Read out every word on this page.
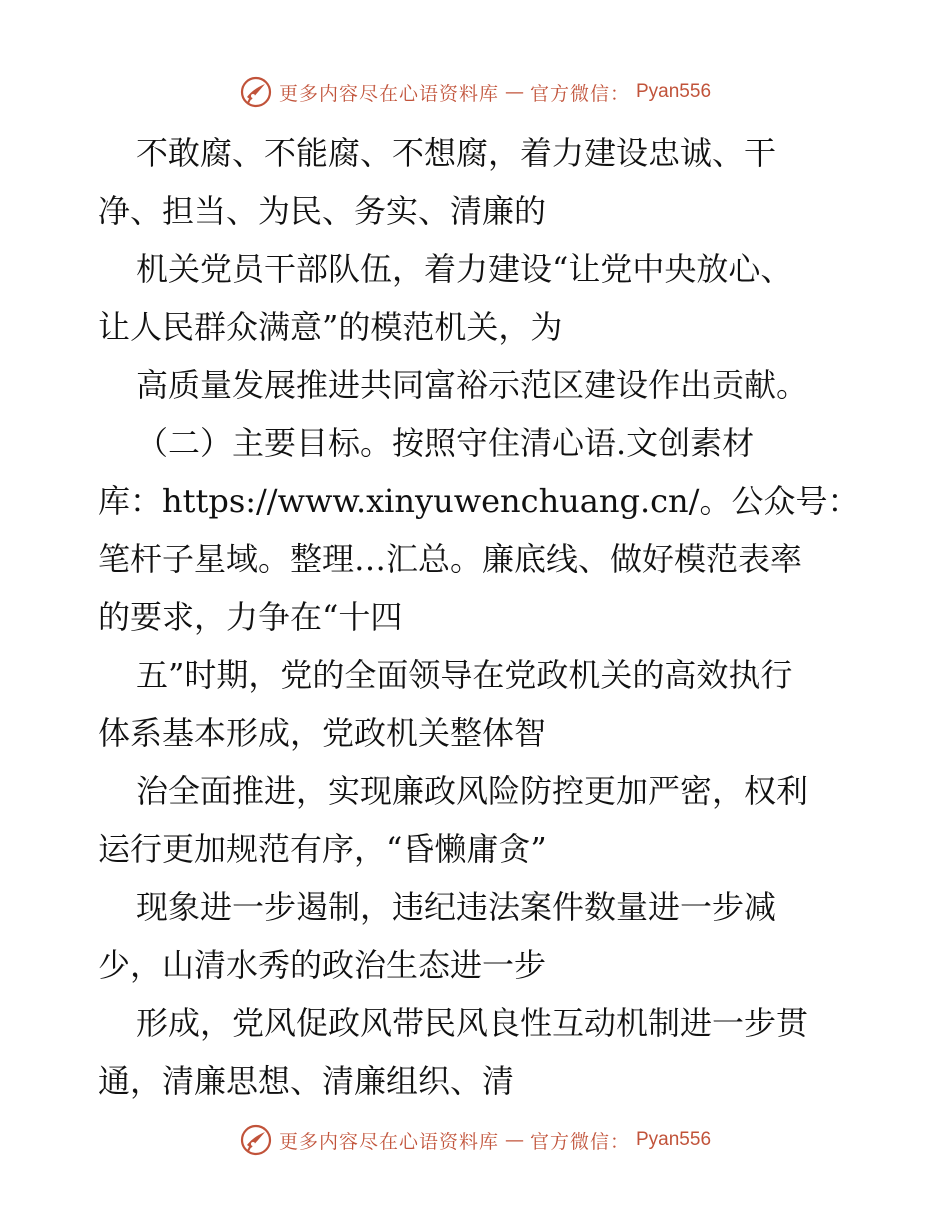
更多内容尽在心语资料库 — 官方微信： Pyan556
不敢腐、不能腐、不想腐，着力建设忠诚、干
净、担当、为民、务实、清廉的
机关党员干部队伍，着力建设“让党中央放心、
让人民群众满意”的模范机关，为
高质量发展推进共同富裕示范区建设作出贡献。
（二）主要目标。按照守住清心语.文创素材
库：https://www.xinyuwenchuang.cn/。公众号：
笔杆子星域。整理…汇总。廉底线、做好模范表率
的要求，力争在“十四
五”时期，党的全面领导在党政机关的高效执行
体系基本形成，党政机关整体智
治全面推进，实现廉政风险防控更加严密，权利
运行更加规范有序，“昏懒庸贪”
现象进一步遏制，违纪违法案件数量进一步减
少，山清水秀的政治生态进一步
形成，党风促政风带民风良性互动机制进一步贯
通，清廉思想、清廉组织、清
更多内容尽在心语资料库 — 官方微信： Pyan556
